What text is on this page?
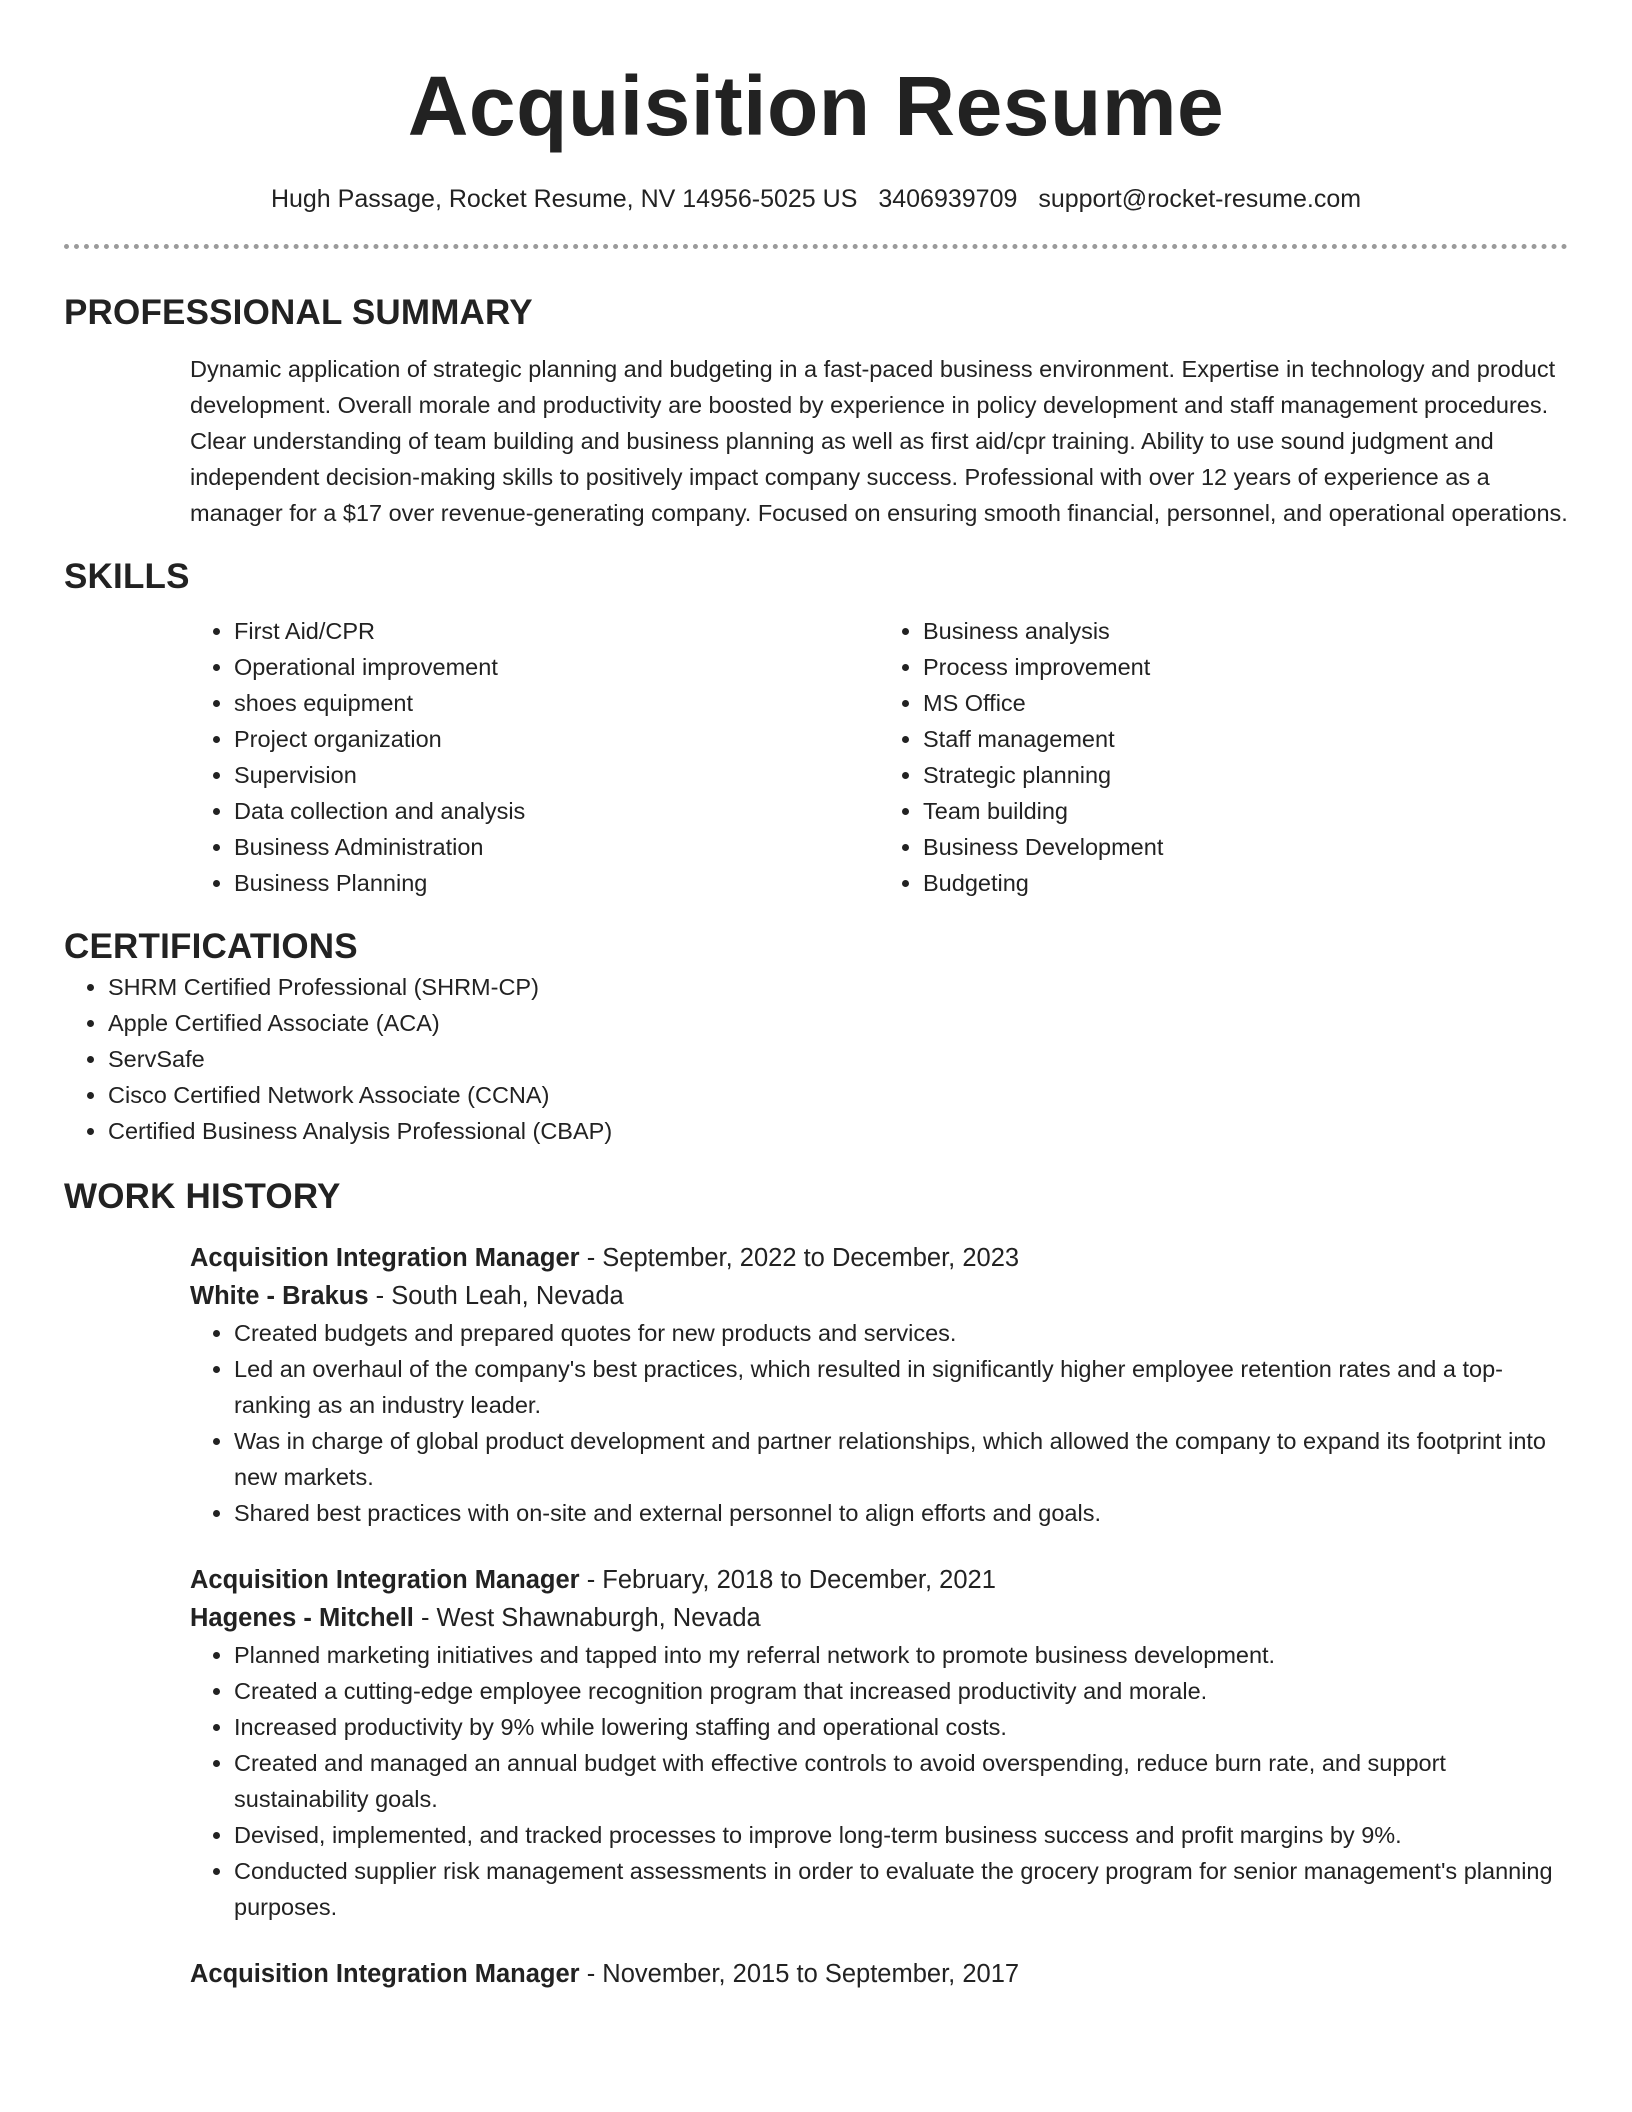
Acquisition Resume
Hugh Passage, Rocket Resume, NV 14956-5025 US 3406939709 support@rocket-resume.com
PROFESSIONAL SUMMARY
Dynamic application of strategic planning and budgeting in a fast-paced business environment. Expertise in technology and product development. Overall morale and productivity are boosted by experience in policy development and staff management procedures. Clear understanding of team building and business planning as well as first aid/cpr training. Ability to use sound judgment and independent decision-making skills to positively impact company success. Professional with over 12 years of experience as a manager for a $17 over revenue-generating company. Focused on ensuring smooth financial, personnel, and operational operations.
SKILLS
• First Aid/CPR
• Operational improvement
• shoes equipment
• Project organization
• Supervision
• Data collection and analysis
• Business Administration
• Business Planning
• Business analysis
• Process improvement
• MS Office
• Staff management
• Strategic planning
• Team building
• Business Development
• Budgeting
CERTIFICATIONS
• SHRM Certified Professional (SHRM-CP)
• Apple Certified Associate (ACA)
• ServSafe
• Cisco Certified Network Associate (CCNA)
• Certified Business Analysis Professional (CBAP)
WORK HISTORY
Acquisition Integration Manager - September, 2022 to December, 2023
White - Brakus - South Leah, Nevada
• Created budgets and prepared quotes for new products and services.
• Led an overhaul of the company's best practices, which resulted in significantly higher employee retention rates and a top-ranking as an industry leader.
• Was in charge of global product development and partner relationships, which allowed the company to expand its footprint into new markets.
• Shared best practices with on-site and external personnel to align efforts and goals.
Acquisition Integration Manager - February, 2018 to December, 2021
Hagenes - Mitchell - West Shawnaburgh, Nevada
• Planned marketing initiatives and tapped into my referral network to promote business development.
• Created a cutting-edge employee recognition program that increased productivity and morale.
• Increased productivity by 9% while lowering staffing and operational costs.
• Created and managed an annual budget with effective controls to avoid overspending, reduce burn rate, and support sustainability goals.
• Devised, implemented, and tracked processes to improve long-term business success and profit margins by 9%.
• Conducted supplier risk management assessments in order to evaluate the grocery program for senior management's planning purposes.
Acquisition Integration Manager - November, 2015 to September, 2017
